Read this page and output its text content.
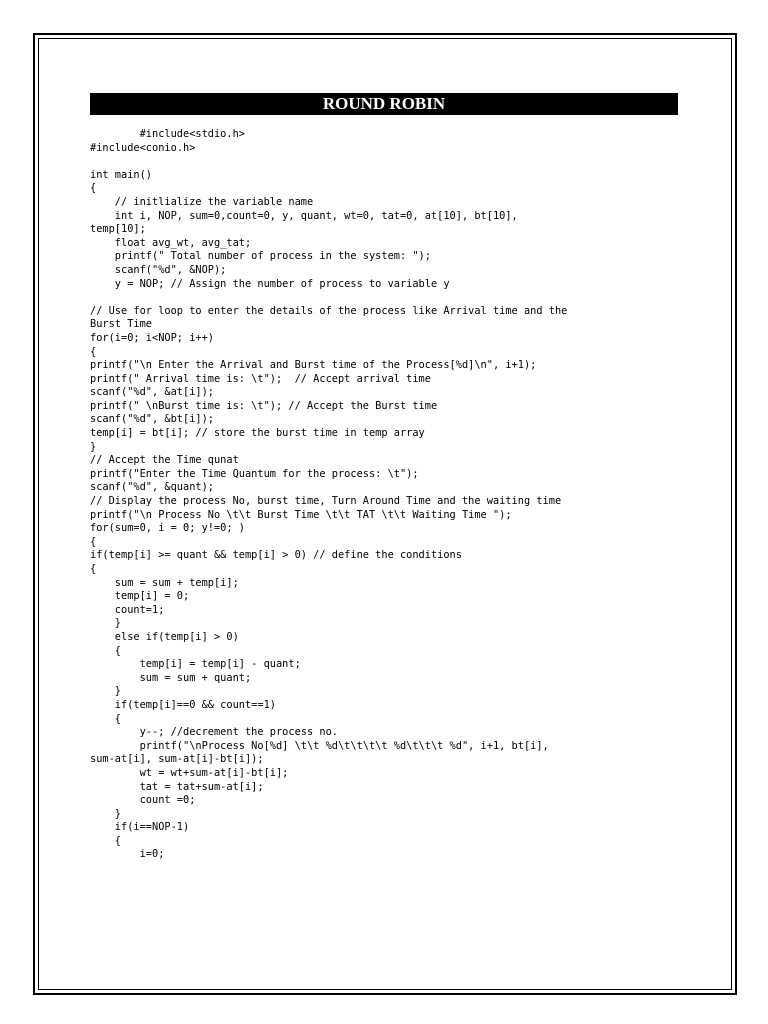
ROUND ROBIN
#include<stdio.h>
#include<conio.h>

int main()
{
// initlialize the variable name
int i, NOP, sum=0,count=0, y, quant, wt=0, tat=0, at[10], bt[10],
temp[10];
float avg_wt, avg_tat;
printf(" Total number of process in the system: ");
scanf("%d", &NOP);
y = NOP; // Assign the number of process to variable y

// Use for loop to enter the details of the process like Arrival time and the
Burst Time
for(i=0; i<NOP; i++)
{
printf("\n Enter the Arrival and Burst time of the Process[%d]\n", i+1);
printf(" Arrival time is: \t");  // Accept arrival time
scanf("%d", &at[i]);
printf(" \nBurst time is: \t"); // Accept the Burst time
scanf("%d", &bt[i]);
temp[i] = bt[i]; // store the burst time in temp array
}
// Accept the Time qunat
printf("Enter the Time Quantum for the process: \t");
scanf("%d", &quant);
// Display the process No, burst time, Turn Around Time and the waiting time
printf("\n Process No \t\t Burst Time \t\t TAT \t\t Waiting Time ");
for(sum=0, i = 0; y!=0; )
{
if(temp[i] >= quant && temp[i] > 0) // define the conditions
{
sum = sum + temp[i];
temp[i] = 0;
count=1;
}
else if(temp[i] > 0)
{
temp[i] = temp[i] - quant;
sum = sum + quant;
}
if(temp[i]==0 && count==1)
{
y--; //decrement the process no.
printf("\nProcess No[%d] \t\t %d\t\t\t\t %d\t\t\t %d", i+1, bt[i],
sum-at[i], sum-at[i]-bt[i]);
wt = wt+sum-at[i]-bt[i];
tat = tat+sum-at[i];
count =0;
}
if(i==NOP-1)
{
i=0;
